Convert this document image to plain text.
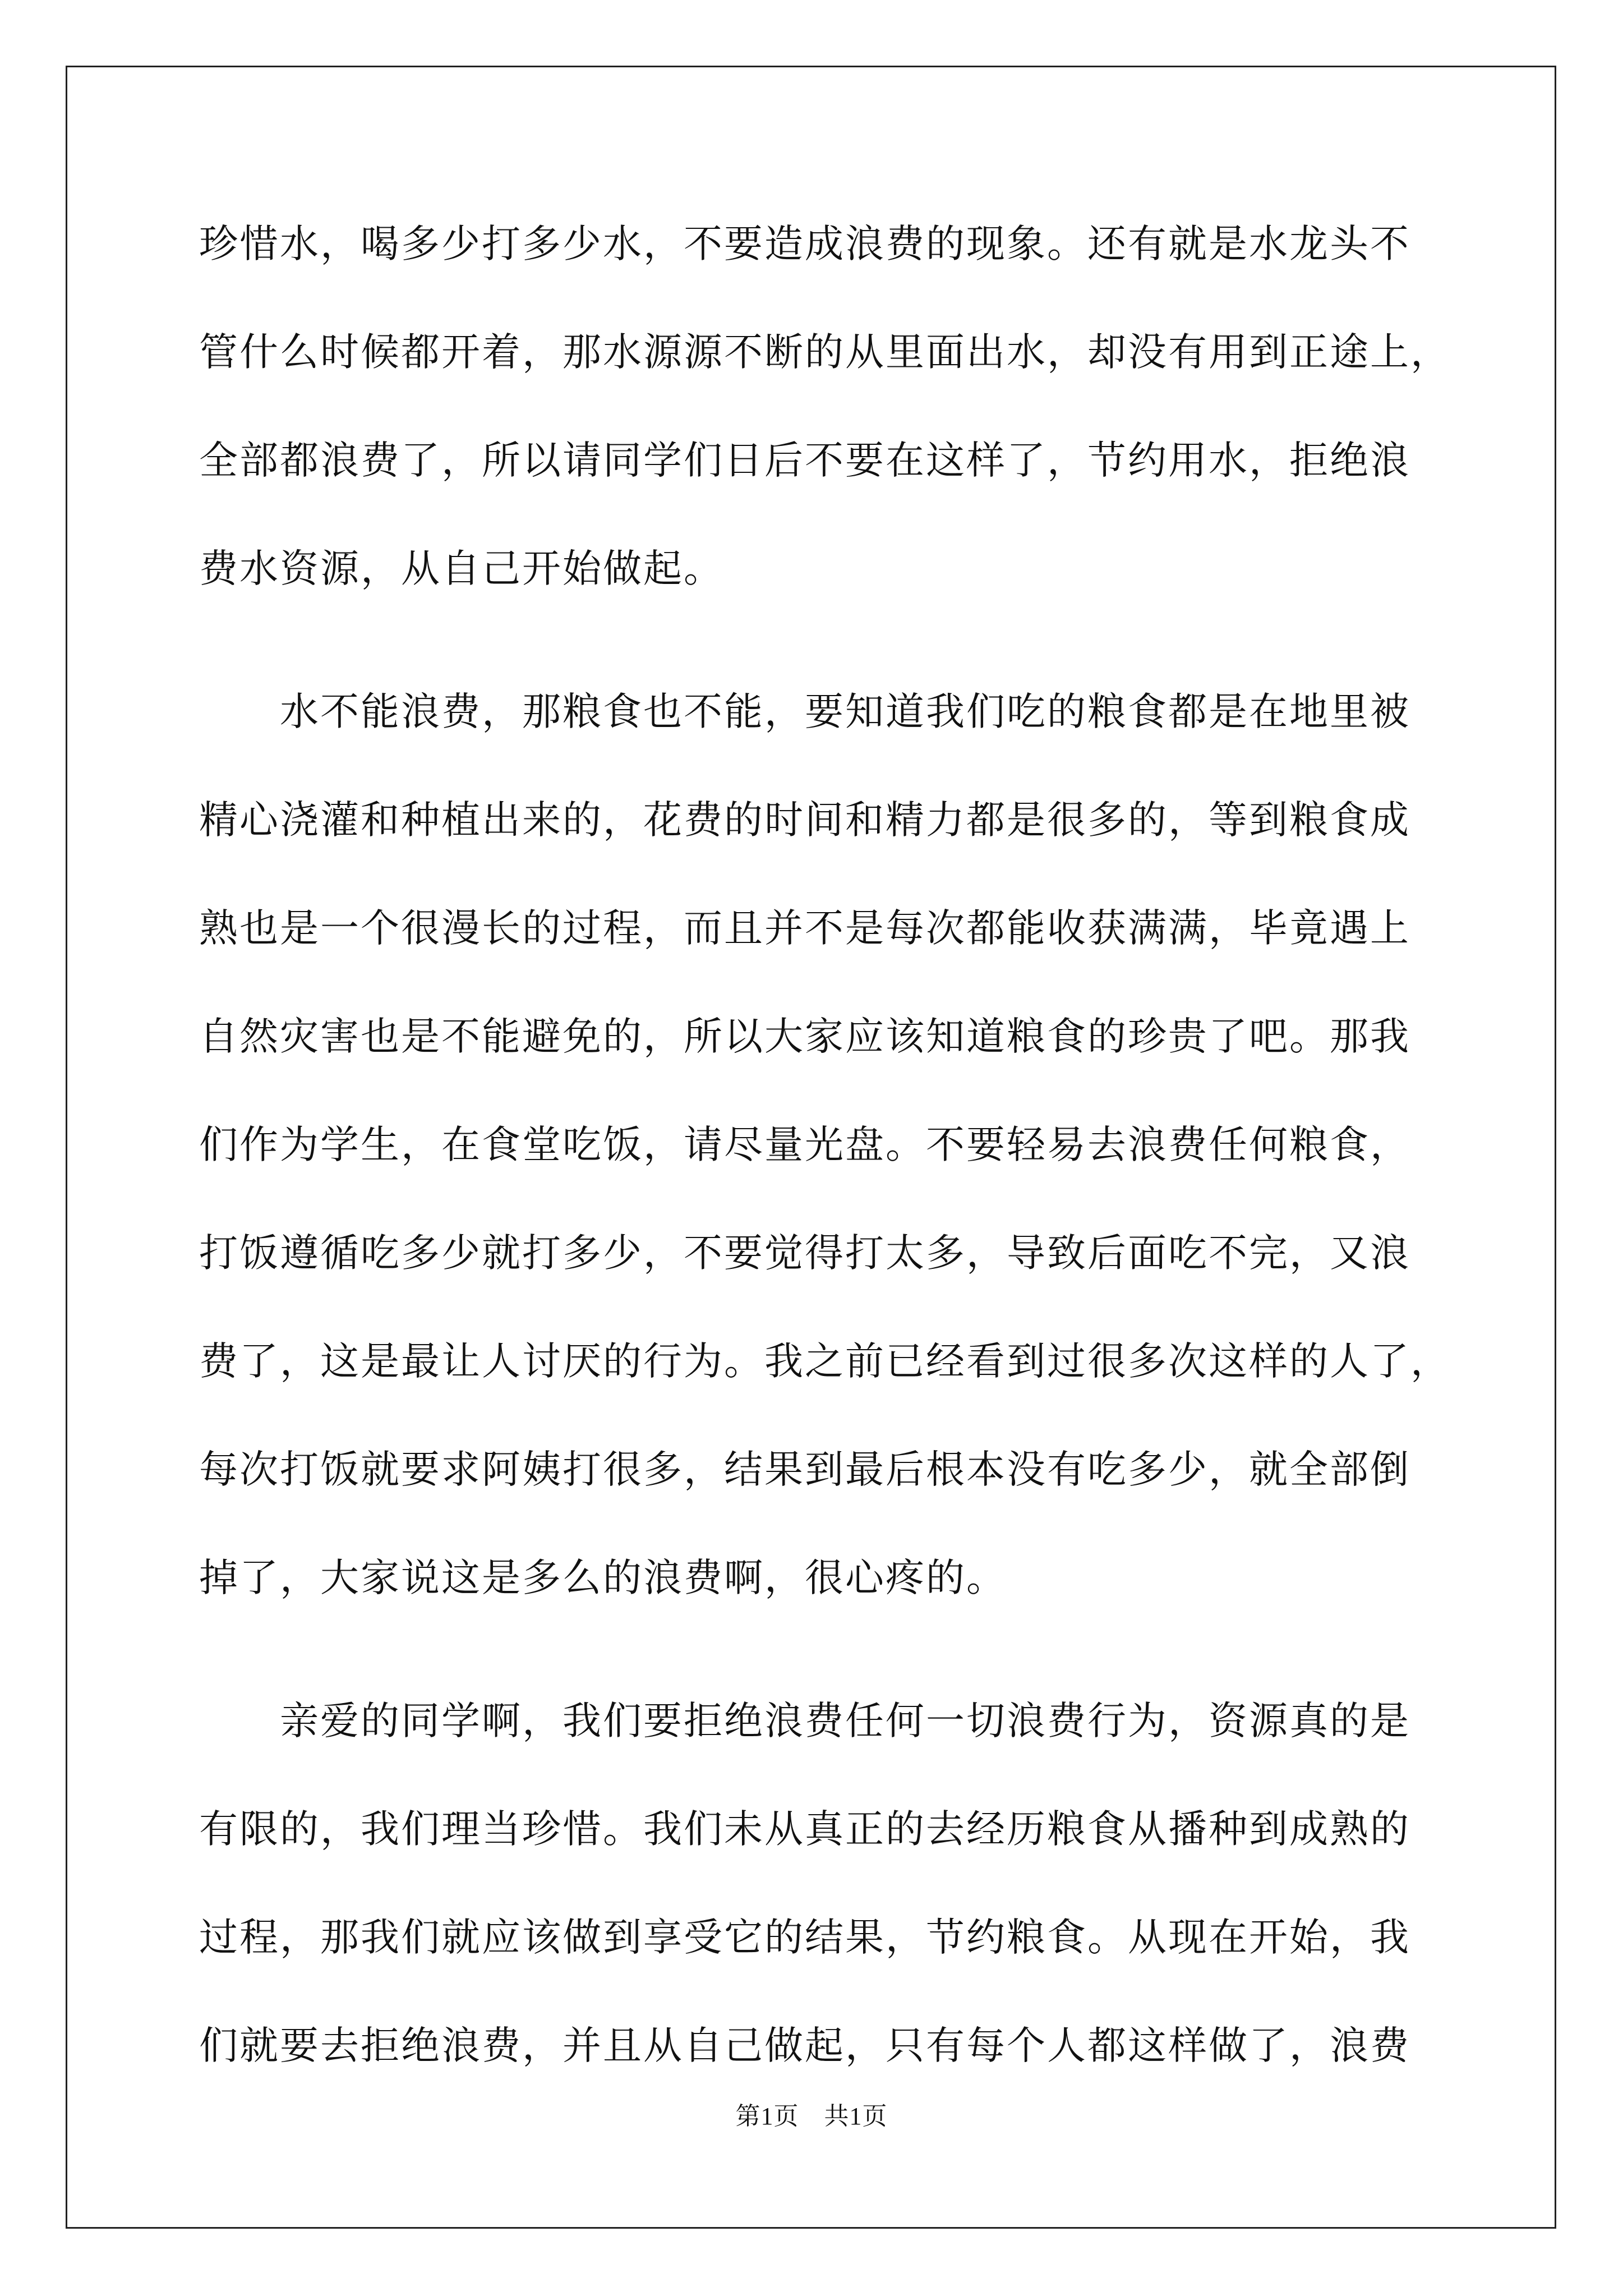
珍惜水，喝多少打多少水，不要造成浪费的现象。还有就是水龙头不
管什么时候都开着，那水源源不断的从里面出水，却没有用到正途上，
全部都浪费了，所以请同学们日后不要在这样了，节约用水，拒绝浪
费水资源，从自己开始做起。
　　水不能浪费，那粮食也不能，要知道我们吃的粮食都是在地里被
精心浇灌和种植出来的，花费的时间和精力都是很多的，等到粮食成
熟也是一个很漫长的过程，而且并不是每次都能收获满满，毕竟遇上
自然灾害也是不能避免的，所以大家应该知道粮食的珍贵了吧。那我
们作为学生，在食堂吃饭，请尽量光盘。不要轻易去浪费任何粮食，
打饭遵循吃多少就打多少，不要觉得打太多，导致后面吃不完，又浪
费了，这是最让人讨厌的行为。我之前已经看到过很多次这样的人了，
每次打饭就要求阿姨打很多，结果到最后根本没有吃多少，就全部倒
掉了，大家说这是多么的浪费啊，很心疼的。
　　亲爱的同学啊，我们要拒绝浪费任何一切浪费行为，资源真的是
有限的，我们理当珍惜。我们未从真正的去经历粮食从播种到成熟的
过程，那我们就应该做到享受它的结果，节约粮食。从现在开始，我
们就要去拒绝浪费，并且从自己做起，只有每个人都这样做了，浪费
第1页　共1页
